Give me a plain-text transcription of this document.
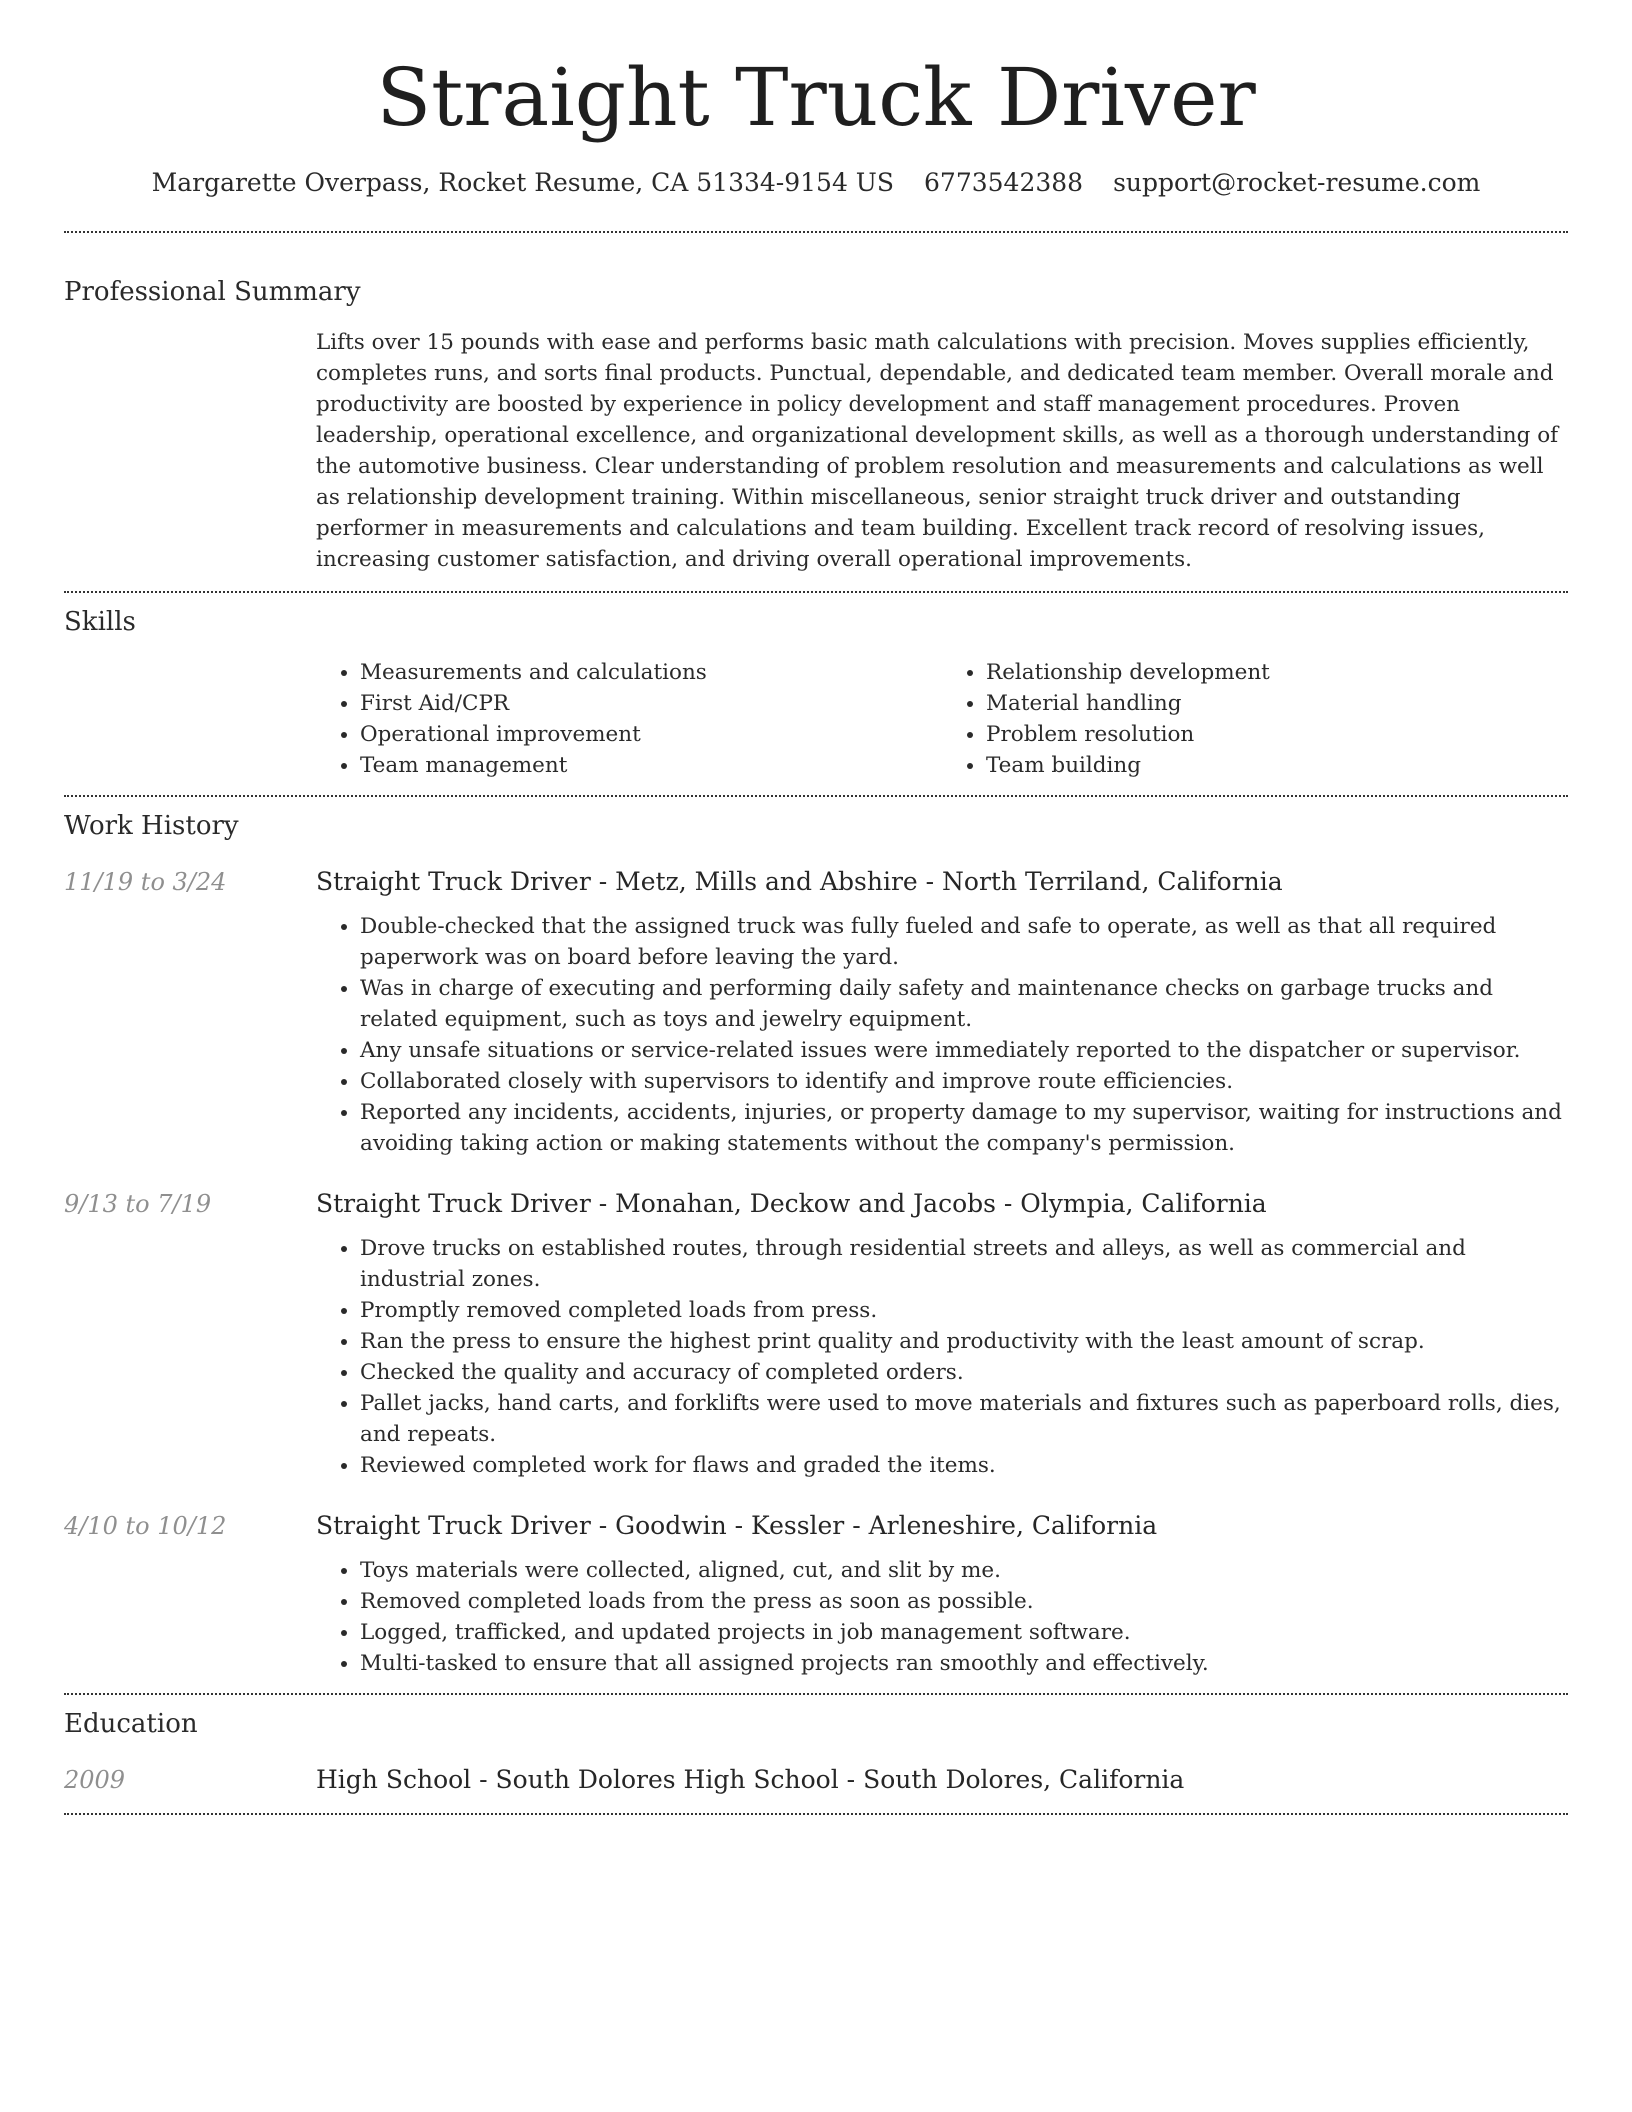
Straight Truck Driver
Margarette Overpass, Rocket Resume, CA 51334-9154 US 6773542388 support@rocket-resume.com
Professional Summary

Lifts over 15 pounds with ease and performs basic math calculations with precision. Moves supplies efficiently, completes runs, and sorts final products. Punctual, dependable, and dedicated team member. Overall morale and productivity are boosted by experience in policy development and staff management procedures. Proven leadership, operational excellence, and organizational development skills, as well as a thorough understanding of the automotive business. Clear understanding of problem resolution and measurements and calculations as well as relationship development training. Within miscellaneous, senior straight truck driver and outstanding performer in measurements and calculations and team building. Excellent track record of resolving issues, increasing customer satisfaction, and driving overall operational improvements.

Skills
• Measurements and calculations
• First Aid/CPR
• Operational improvement
• Team management
• Relationship development
• Material handling
• Problem resolution
• Team building
Work History
11/19 to 3/24	Straight Truck Driver - Metz, Mills and Abshire - North Terriland, California
• Double-checked that the assigned truck was fully fueled and safe to operate, as well as that all required paperwork was on board before leaving the yard.
• Was in charge of executing and performing daily safety and maintenance checks on garbage trucks and related equipment, such as toys and jewelry equipment.
• Any unsafe situations or service-related issues were immediately reported to the dispatcher or supervisor.
• Collaborated closely with supervisors to identify and improve route efficiencies.
• Reported any incidents, accidents, injuries, or property damage to my supervisor, waiting for instructions and avoiding taking action or making statements without the company's permission.
9/13 to 7/19	Straight Truck Driver - Monahan, Deckow and Jacobs - Olympia, California
• Drove trucks on established routes, through residential streets and alleys, as well as commercial and industrial zones.
• Promptly removed completed loads from press.
• Ran the press to ensure the highest print quality and productivity with the least amount of scrap.
• Checked the quality and accuracy of completed orders.
• Pallet jacks, hand carts, and forklifts were used to move materials and fixtures such as paperboard rolls, dies, and repeats.
• Reviewed completed work for flaws and graded the items.
4/10 to 10/12	Straight Truck Driver - Goodwin - Kessler - Arleneshire, California
• Toys materials were collected, aligned, cut, and slit by me.
• Removed completed loads from the press as soon as possible.
• Logged, trafficked, and updated projects in job management software.
• Multi-tasked to ensure that all assigned projects ran smoothly and effectively.
Education
2009	High School - South Dolores High School - South Dolores, California
